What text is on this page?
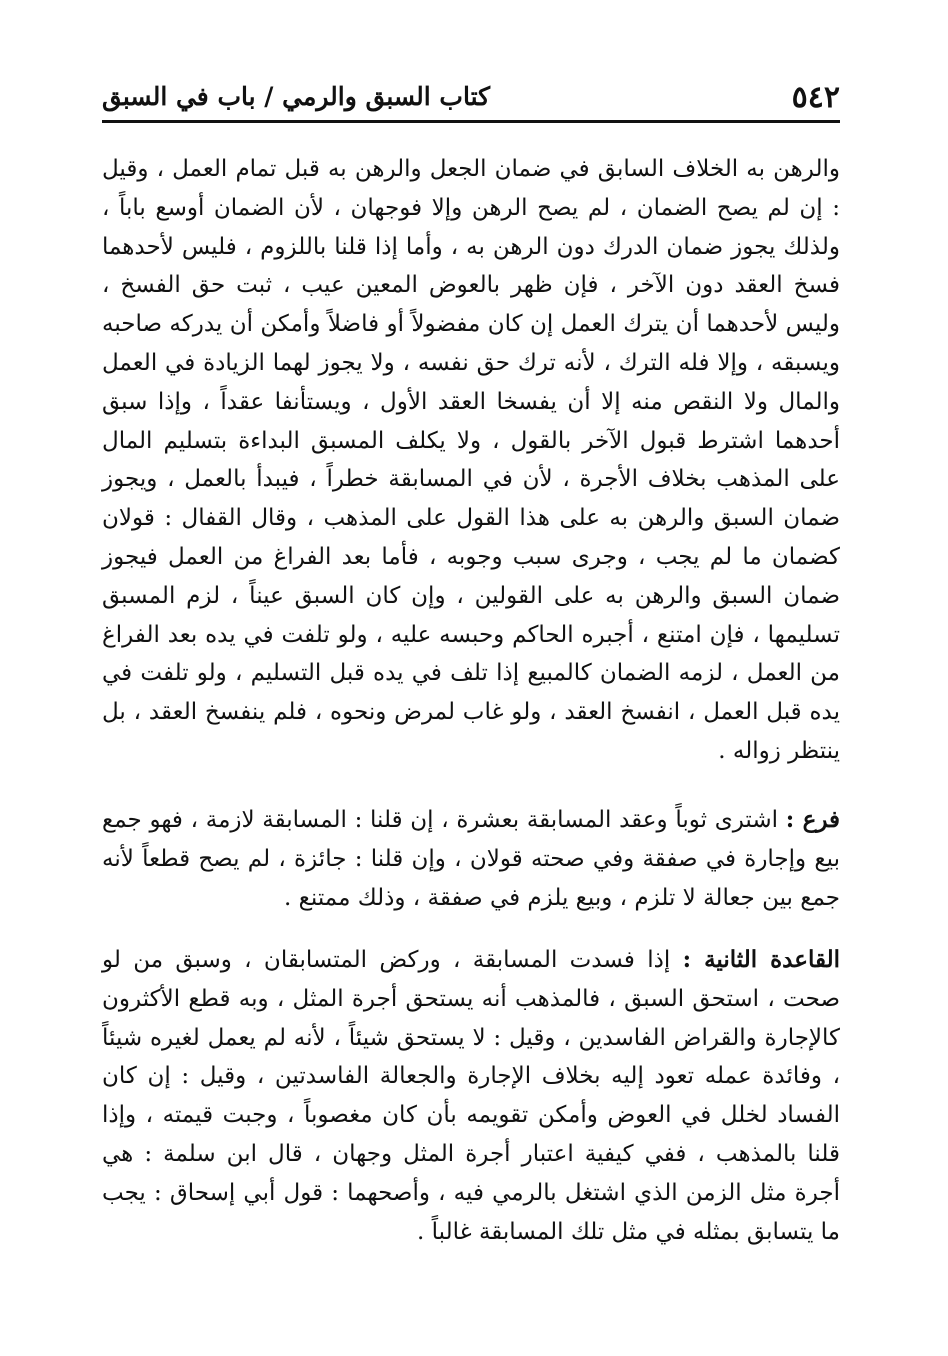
٥٤٢
كتاب السبق والرمي / باب في السبق

والرهن به الخلاف السابق في ضمان الجعل والرهن به قبل تمام العمل ، وقيل : إن لم يصح الضمان ، لم يصح الرهن وإلا فوجهان ، لأن الضمان أوسع باباً ، ولذلك يجوز ضمان الدرك دون الرهن به ، وأما إذا قلنا باللزوم ، فليس لأحدهما فسخ العقد دون الآخر ، فإن ظهر بالعوض المعين عيب ، ثبت حق الفسخ ، وليس لأحدهما أن يترك العمل إن كان مفضولاً أو فاضلاً وأمكن أن يدركه صاحبه ويسبقه ، وإلا فله الترك ، لأنه ترك حق نفسه ، ولا يجوز لهما الزيادة في العمل والمال ولا النقص منه إلا أن يفسخا العقد الأول ، ويستأنفا عقداً ، وإذا سبق أحدهما اشترط قبول الآخر بالقول ، ولا يكلف المسبق البداءة بتسليم المال على المذهب بخلاف الأجرة ، لأن في المسابقة خطراً ، فيبدأ بالعمل ، ويجوز ضمان السبق والرهن به على هذا القول على المذهب ، وقال القفال : قولان كضمان ما لم يجب ، وجرى سبب وجوبه ، فأما بعد الفراغ من العمل فيجوز ضمان السبق والرهن به على القولين ، وإن كان السبق عيناً ، لزم المسبق تسليمها ، فإن امتنع ، أجبره الحاكم وحبسه عليه ، ولو تلفت في يده بعد الفراغ من العمل ، لزمه الضمان كالمبيع إذا تلف في يده قبل التسليم ، ولو تلفت في يده قبل العمل ، انفسخ العقد ، ولو غاب لمرض ونحوه ، فلم ينفسخ العقد ، بل ينتظر زواله .

فرع : اشترى ثوباً وعقد المسابقة بعشرة ، إن قلنا : المسابقة لازمة ، فهو جمع بيع وإجارة في صفقة وفي صحته قولان ، وإن قلنا : جائزة ، لم يصح قطعاً لأنه جمع بين جعالة لا تلزم ، وبيع يلزم في صفقة ، وذلك ممتنع .

القاعدة الثانية : إذا فسدت المسابقة ، وركض المتسابقان ، وسبق من لو صحت ، استحق السبق ، فالمذهب أنه يستحق أجرة المثل ، وبه قطع الأكثرون كالإجارة والقراض الفاسدين ، وقيل : لا يستحق شيئاً ، لأنه لم يعمل لغيره شيئاً ، وفائدة عمله تعود إليه بخلاف الإجارة والجعالة الفاسدتين ، وقيل : إن كان الفساد لخلل في العوض وأمكن تقويمه بأن كان مغصوباً ، وجبت قيمته ، وإذا قلنا بالمذهب ، ففي كيفية اعتبار أجرة المثل وجهان ، قال ابن سلمة : هي أجرة مثل الزمن الذي اشتغل بالرمي فيه ، وأصحهما : قول أبي إسحاق : يجب ما يتسابق بمثله في مثل تلك المسابقة غالباً .
